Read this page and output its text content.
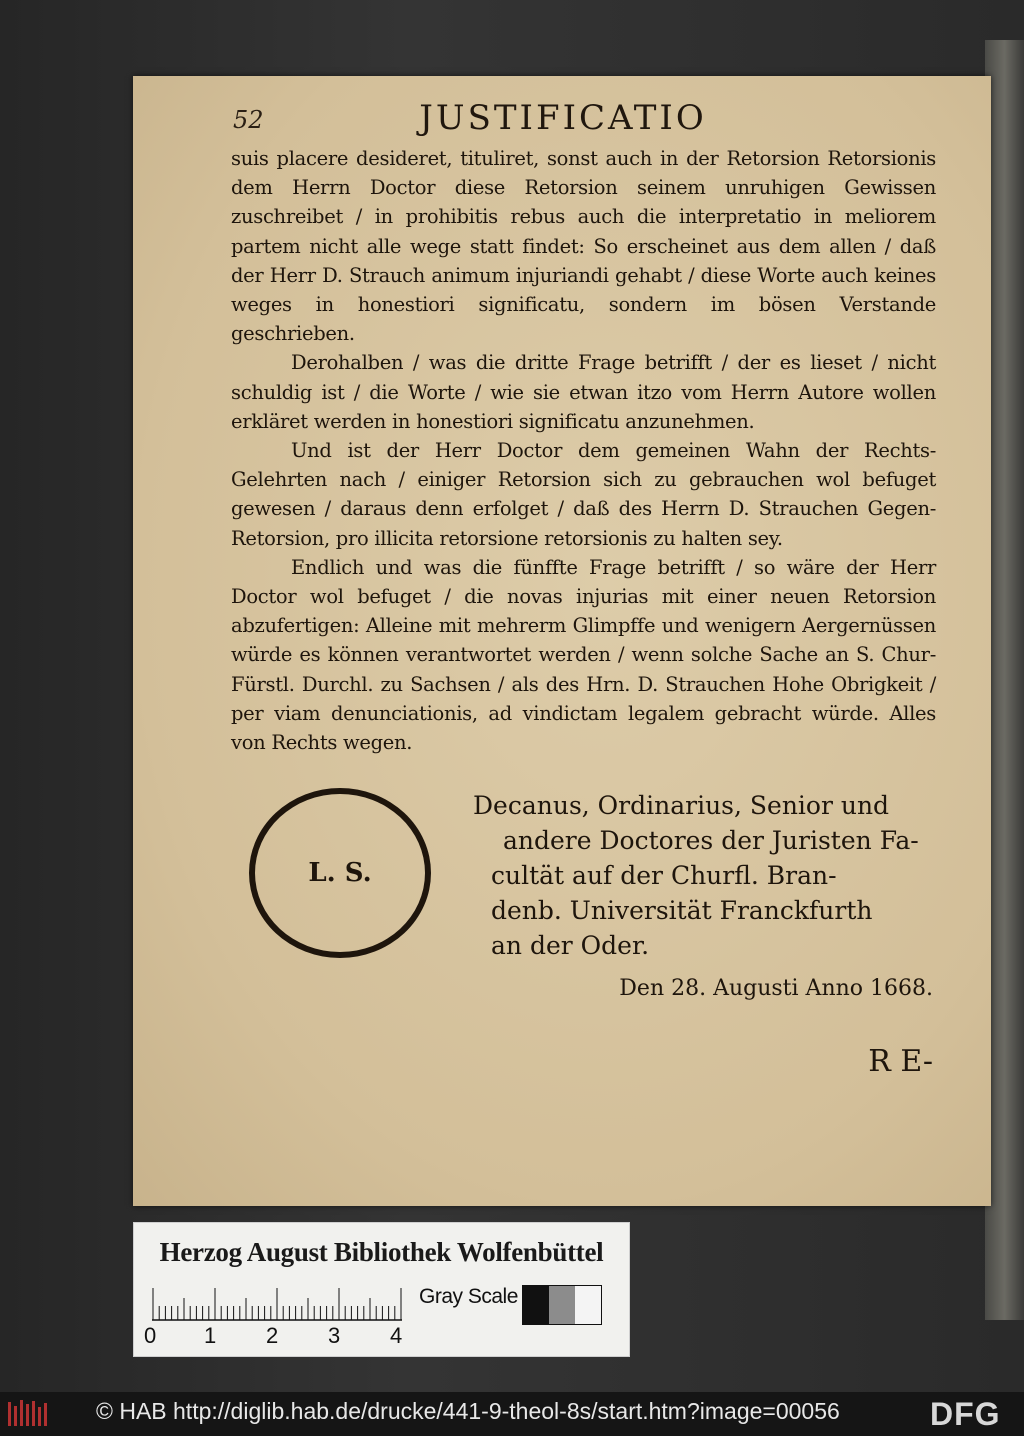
52	JUSTIFICATIO

suis placere desideret, tituliret, sonst auch in der Retorsion Retorsionis dem Herrn Doctor diese Retorsion seinem unruhigen Gewissen zuschreibet / in prohibitis rebus auch die interpretatio in meliorem partem nicht alle wege statt findet: So erscheinet aus dem allen / daß der Herr D. Strauch animum injuriandi gehabt / diese Worte auch keines weges in honestiori significatu, sondern im bösen Verstande geschrieben.

Derohalben / was die dritte Frage betrifft / der es lieset / nicht schuldig ist / die Worte / wie sie etwan itzo vom Herrn Autore wollen erkläret werden in honestiori significatu anzunehmen.

Und ist der Herr Doctor dem gemeinen Wahn der Rechts-Gelehrten nach / einiger Retorsion sich zu gebrauchen wol befuget gewesen / daraus denn erfolget / daß des Herrn D. Strauchen Gegen-Retorsion, pro illicita retorsione retorsionis zu halten sey.

Endlich und was die fünffte Frage betrifft / so wäre der Herr Doctor wol befuget / die novas injurias mit einer neuen Retorsion abzufertigen: Alleine mit mehrerm Glimpffe und wenigern Aergernüssen würde es können verantwortet werden / wenn solche Sache an S. Chur-Fürstl. Durchl. zu Sachsen / als des Hrn. D. Strauchen Hohe Obrigkeit / per viam denunciationis, ad vindictam legalem gebracht würde. Alles von Rechts wegen.

L. S.
Decanus, Ordinarius, Senior und
andere Doctores der Juristen Fa-
cultät auf der Churfl. Bran-
denb. Universität Franckfurth
an der Oder.
Den 28. Augusti Anno 1668.
R E-
Herzog August Bibliothek Wolfenbüttel
0 1 2 3 4
Gray Scale
© HAB http://diglib.hab.de/drucke/441-9-theol-8s/start.htm?image=00056	DFG
